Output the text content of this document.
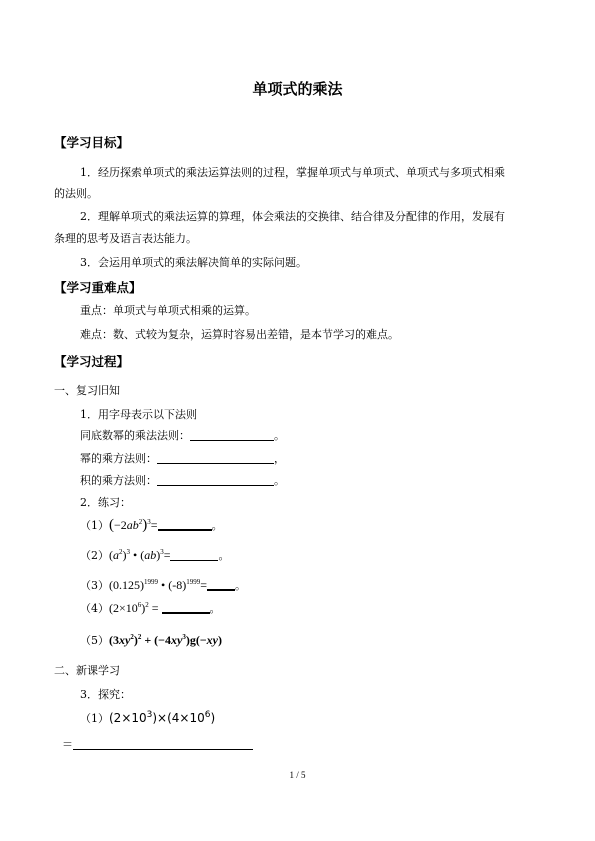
单项式的乘法
【学习目标】
1．经历探索单项式的乘法运算法则的过程，掌握单项式与单项式、单项式与多项式相乘
的法则。
2．理解单项式的乘法运算的算理，体会乘法的交换律、结合律及分配律的作用，发展有
条理的思考及语言表达能力。
3．会运用单项式的乘法解决简单的实际问题。
【学习重难点】
重点：单项式与单项式相乘的运算。
难点：数、式较为复杂，运算时容易出差错，是本节学习的难点。
【学习过程】
一、复习旧知
1．用字母表示以下法则
同底数幂的乘法法则：	。
幂的乘方法则：	，
积的乘方法则：	。
2．练习：
$(1)(-2ab^2)^3=$	。
$(2)(a^2)^3$ • (ab)$^3$=	。
$(3)(0.125)^{1999}$ • $(-8)^{1999}=$	。
$(4)(2\times 10^6)^2$ =	。
$(5)(3xy^2)^2 + (-4xy^3)g(-xy)$
二、新课学习
3．探究：
$(1)(2\times 10^3)\times(4\times 10^6)$
＝
1 / 5
